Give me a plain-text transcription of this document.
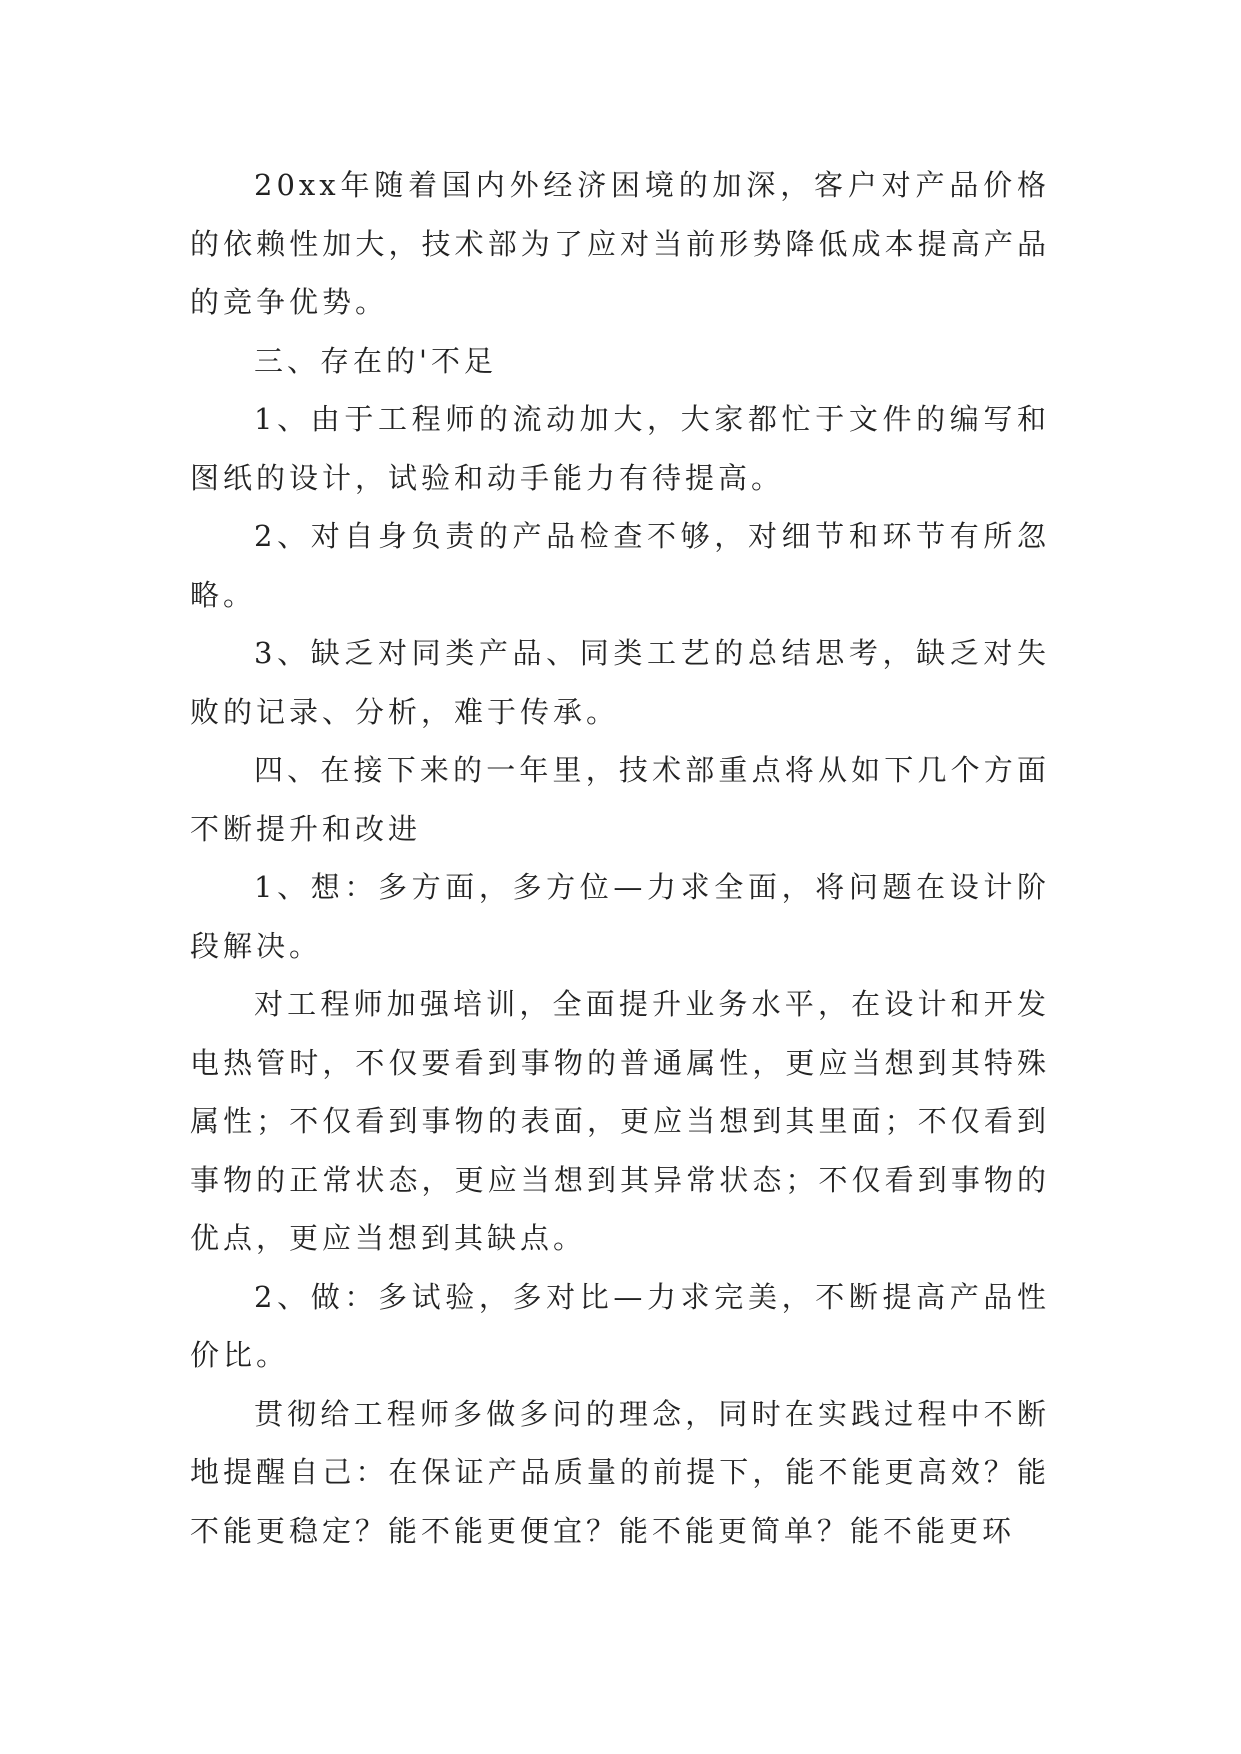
20xx年随着国内外经济困境的加深，客户对产品价格的依赖性加大，技术部为了应对当前形势降低成本提高产品的竞争优势。

三、存在的'不足

1、由于工程师的流动加大，大家都忙于文件的编写和图纸的设计，试验和动手能力有待提高。

2、对自身负责的产品检查不够，对细节和环节有所忽略。

3、缺乏对同类产品、同类工艺的总结思考，缺乏对失败的记录、分析，难于传承。

四、在接下来的一年里，技术部重点将从如下几个方面不断提升和改进

1、想：多方面，多方位—力求全面，将问题在设计阶段解决。

对工程师加强培训，全面提升业务水平，在设计和开发电热管时，不仅要看到事物的普通属性，更应当想到其特殊属性；不仅看到事物的表面，更应当想到其里面；不仅看到事物的正常状态，更应当想到其异常状态；不仅看到事物的优点，更应当想到其缺点。

2、做：多试验，多对比—力求完美，不断提高产品性价比。

贯彻给工程师多做多问的理念，同时在实践过程中不断地提醒自己：在保证产品质量的前提下，能不能更高效？能不能更稳定？能不能更便宜？能不能更简单？能不能更环
